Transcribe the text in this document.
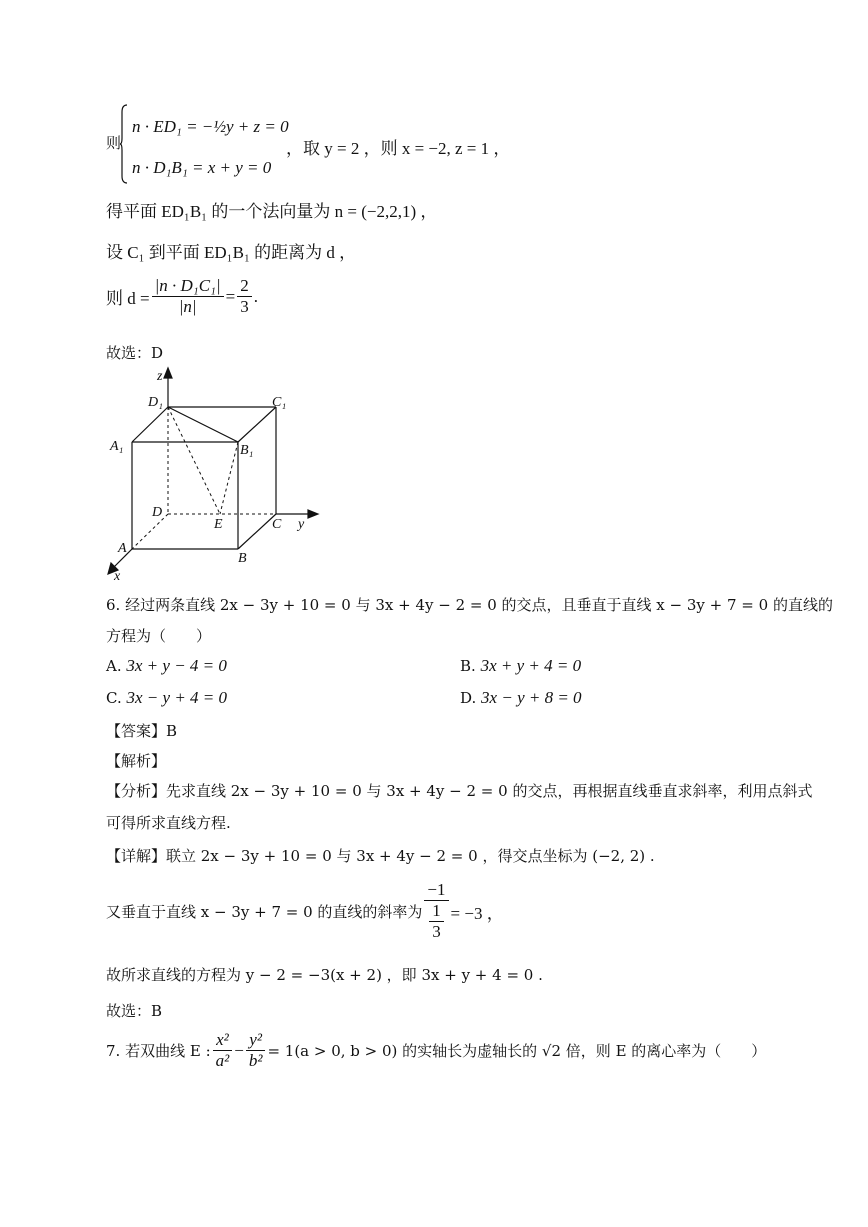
则
n · ED₁ = −½y + z = 0
n · D₁B₁ = x + y = 0
，取 y = 2 ，则 x = −2, z = 1 ，
得平面 ED₁B₁ 的一个法向量为 n = (−2,2,1) ，
设 C₁ 到平面 ED₁B₁ 的距离为 d ，
则 $d = \frac{\text{|n · D₁C₁|}}{|n|} = \frac{2}{3}$ .
故选：D
z
D₁	C₁
A₁	B₁
D
E	C y
A
B
x
6. 经过两条直线 2x − 3y + 10 = 0 与 3x + 4y − 2 = 0 的交点，且垂直于直线 x − 3y + 7 = 0 的直线的
方程为（　　）
A. 3x + y − 4 = 0	B. 3x + y + 4 = 0
C. 3x − y + 4 = 0	D. 3x − y + 8 = 0
【答案】B
【解析】
【分析】先求直线 2x − 3y + 10 = 0 与 3x + 4y − 2 = 0 的交点，再根据直线垂直求斜率，利用点斜式
可得所求直线方程.
【详解】联立 2x − 3y + 10 = 0 与 3x + 4y − 2 = 0 ，得交点坐标为 (−2, 2) .
又垂直于直线 x − 3y + 7 = 0 的直线的斜率为 $\frac{-1}{\frac{1}{3}} = -3$ ，
故所求直线的方程为 y − 2 = −3(x + 2) ，即 3x + y + 4 = 0 .
故选：B
7. 若双曲线 E : $\frac{\text{x²}}{\text{a²}} - \frac{\text{y²}}{\text{b²}} = 1(a > 0$, b > 0) 的实轴长为虚轴长的 √2 倍，则 E 的离心率为（　　）
